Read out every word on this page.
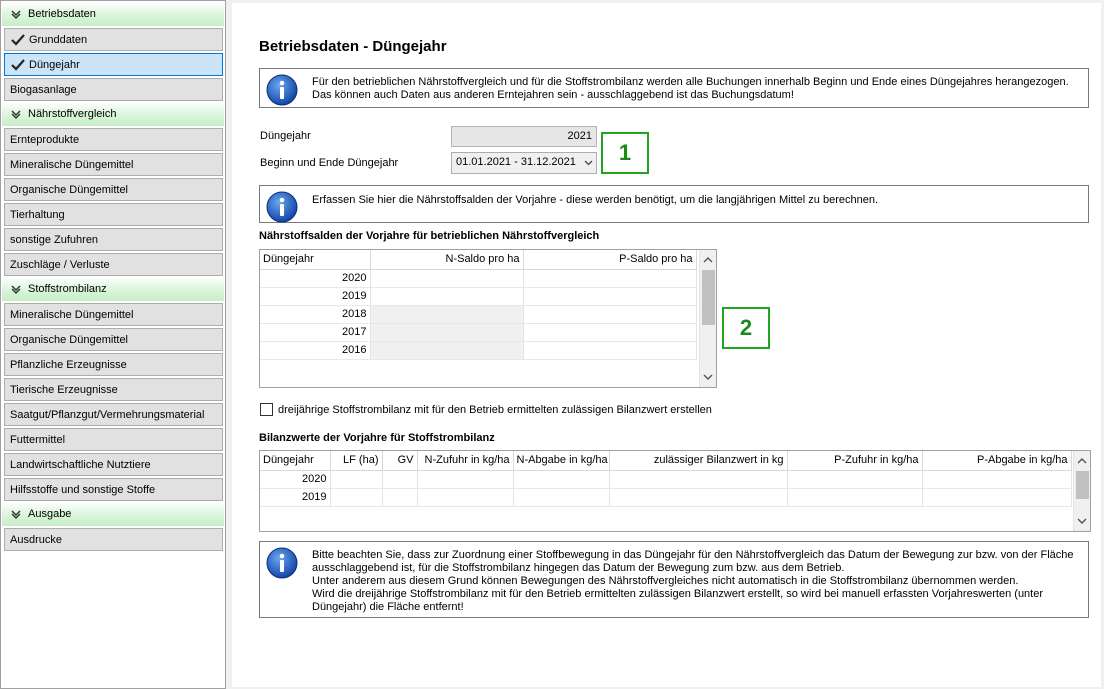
Betriebsdaten
Grunddaten
Düngejahr
Biogasanlage
Nährstoffvergleich
Ernteprodukte
Mineralische Düngemittel
Organische Düngemittel
Tierhaltung
sonstige Zufuhren
Zuschläge / Verluste
Stoffstrombilanz
Mineralische Düngemittel
Organische Düngemittel
Pflanzliche Erzeugnisse
Tierische Erzeugnisse
Saatgut/Pflanzgut/Vermehrungsmaterial
Futtermittel
Landwirtschaftliche Nutztiere
Hilfsstoffe und sonstige Stoffe
Ausgabe
Ausdrucke
Betriebsdaten - Düngejahr
Für den betrieblichen Nährstoffvergleich und für die Stoffstrombilanz werden alle Buchungen innerhalb Beginn und Ende eines Düngejahres herangezogen. Das können auch Daten aus anderen Erntejahren sein - ausschlaggebend ist das Buchungsdatum!
Düngejahr	2021
Beginn und Ende Düngejahr	01.01.2021 - 31.12.2021	1
Erfassen Sie hier die Nährstoffsalden der Vorjahre - diese werden benötigt, um die langjährigen Mittel zu berechnen.
Nährstoffsalden der Vorjahre für betrieblichen Nährstoffvergleich
Düngejahr	N-Saldo pro ha	P-Saldo pro ha
2020		
2019		
2018		
2017		
2016		
2
dreijährige Stoffstrombilanz mit für den Betrieb ermittelten zulässigen Bilanzwert erstellen
Bilanzwerte der Vorjahre für Stoffstrombilanz
Düngejahr	LF (ha)	GV	N-Zufuhr in kg/ha	N-Abgabe in kg/ha	zulässiger Bilanzwert in kg	P-Zufuhr in kg/ha	P-Abgabe in kg/ha
2020							
2019							
Bitte beachten Sie, dass zur Zuordnung einer Stoffbewegung in das Düngejahr für den Nährstoffvergleich das Datum der Bewegung zur bzw. von der Fläche ausschlaggebend ist, für die Stoffstrombilanz hingegen das Datum der Bewegung zum bzw. aus dem Betrieb.
Unter anderem aus diesem Grund können Bewegungen des Nährstoffvergleiches nicht automatisch in die Stoffstrombilanz übernommen werden.
Wird die dreijährige Stoffstrombilanz mit für den Betrieb ermittelten zulässigen Bilanzwert erstellt, so wird bei manuell erfassten Vorjahreswerten (unter Düngejahr) die Fläche entfernt!
